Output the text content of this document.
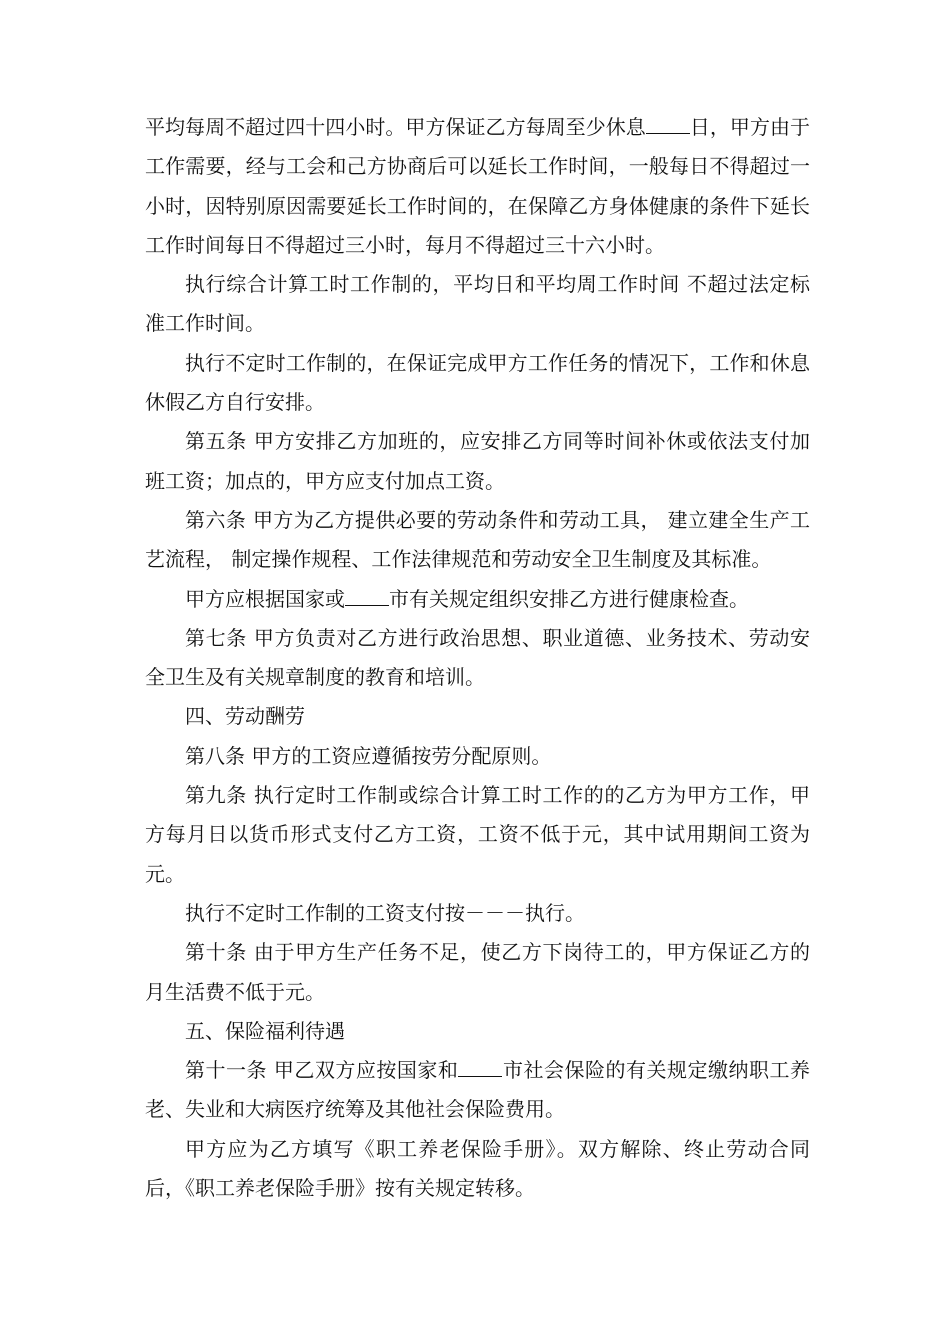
平均每周不超过四十四小时。甲方保证乙方每周至少休息 日，甲方由于工作需要，经与工会和己方协商后可以延长工作时间，一般每日不得超过一小时，因特别原因需要延长工作时间的，在保障乙方身体健康的条件下延长工作时间每日不得超过三小时，每月不得超过三十六小时。

执行综合计算工时工作制的，平均日和平均周工作时间 不超过法定标准工作时间。

执行不定时工作制的，在保证完成甲方工作任务的情况下，工作和休息休假乙方自行安排。

第五条 甲方安排乙方加班的，应安排乙方同等时间补休或依法支付加班工资；加点的，甲方应支付加点工资。

第六条 甲方为乙方提供必要的劳动条件和劳动工具， 建立建全生产工艺流程， 制定操作规程、工作法律规范和劳动安全卫生制度及其标准。

甲方应根据国家或 市有关规定组织安排乙方进行健康检查。

第七条 甲方负责对乙方进行政治思想、职业道德、业务技术、劳动安全卫生及有关规章制度的教育和培训。

四、劳动酬劳

第八条 甲方的工资应遵循按劳分配原则。

第九条 执行定时工作制或综合计算工时工作的的乙方为甲方工作，甲方每月日以货币形式支付乙方工资，工资不低于元，其中试用期间工资为元。

执行不定时工作制的工资支付按－－－执行。

第十条 由于甲方生产任务不足，使乙方下岗待工的，甲方保证乙方的月生活费不低于元。

五、保险福利待遇

第十一条 甲乙双方应按国家和 市社会保险的有关规定缴纳职工养老、失业和大病医疗统筹及其他社会保险费用。

甲方应为乙方填写《职工养老保险手册》。双方解除、终止劳动合同后，《职工养老保险手册》按有关规定转移。
